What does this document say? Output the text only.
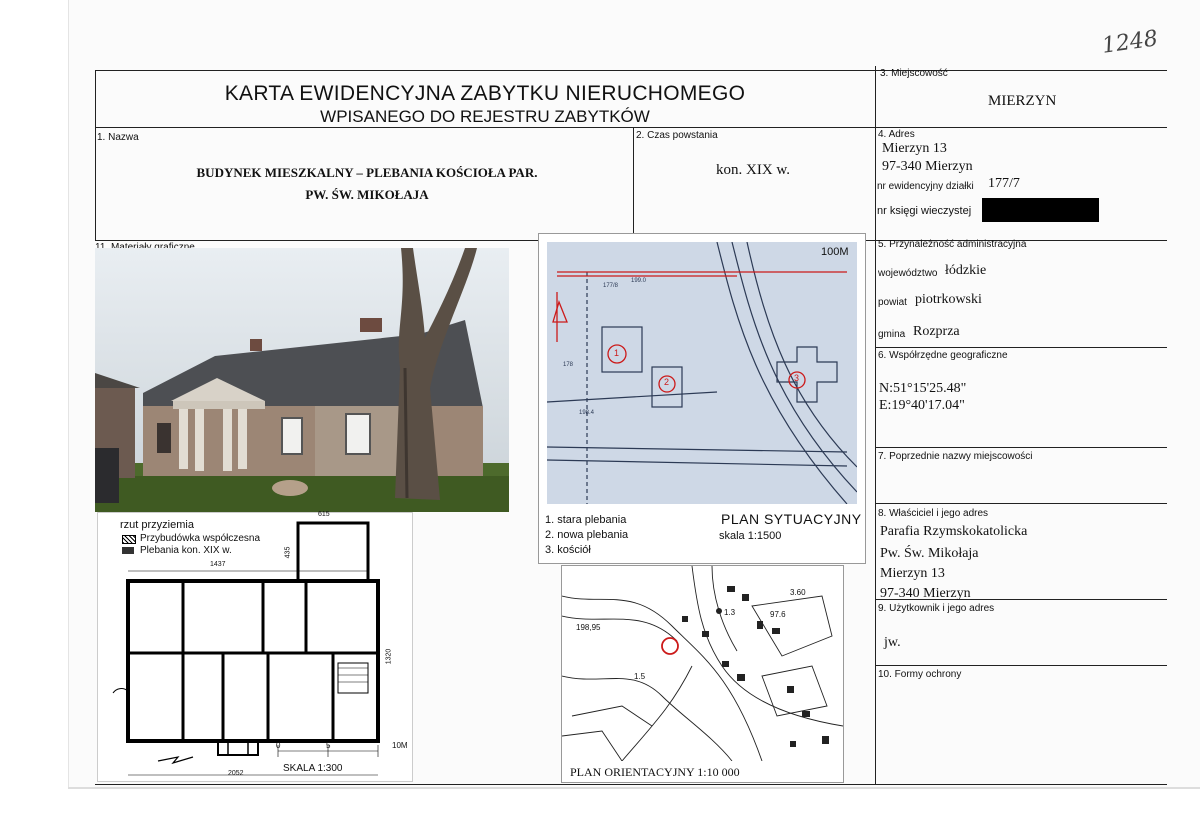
1248
KARTA EWIDENCYJNA ZABYTKU NIERUCHOMEGO
WPISANEGO DO REJESTRU ZABYTKÓW
3. Miejscowość
MIERZYN
1. Nazwa
BUDYNEK MIESZKALNY – PLEBANIA KOŚCIOŁA PAR.
PW. ŚW. MIKOŁAJA
2. Czas powstania
kon. XIX w.
4. Adres
Mierzyn 13
97-340 Mierzyn
nr ewidencyjny działki 177/7
nr księgi wieczystej
5. Przynależność administracyjna
województwo łódzkie
powiat piotrkowski
gmina Rozprza
6. Współrzędne geograficzne
N:51°15'25.48"
E:19°40'17.04"
7. Poprzednie nazwy miejscowości
8. Właściciel i jego adres
Parafia Rzymskokatolicka
Pw. Św. Mikołaja
Mierzyn 13
97-340 Mierzyn
9. Użytkownik i jego adres
jw.
10. Formy ochrony
rzut przyziemia
Przybudówka współczesna
Plebania kon. XIX w.
615
1437
1320
435
0	5	10M
2052	SKALA 1:300
100M
177/8
199.0
198.4
178
1
2	3
1. stara plebania
2. nowa plebania
3. kościół
PLAN SYTUACYJNY
skala 1:1500
198,95
1.3	97.6
1.5
3.60
PLAN ORIENTACYJNY 1:10 000
